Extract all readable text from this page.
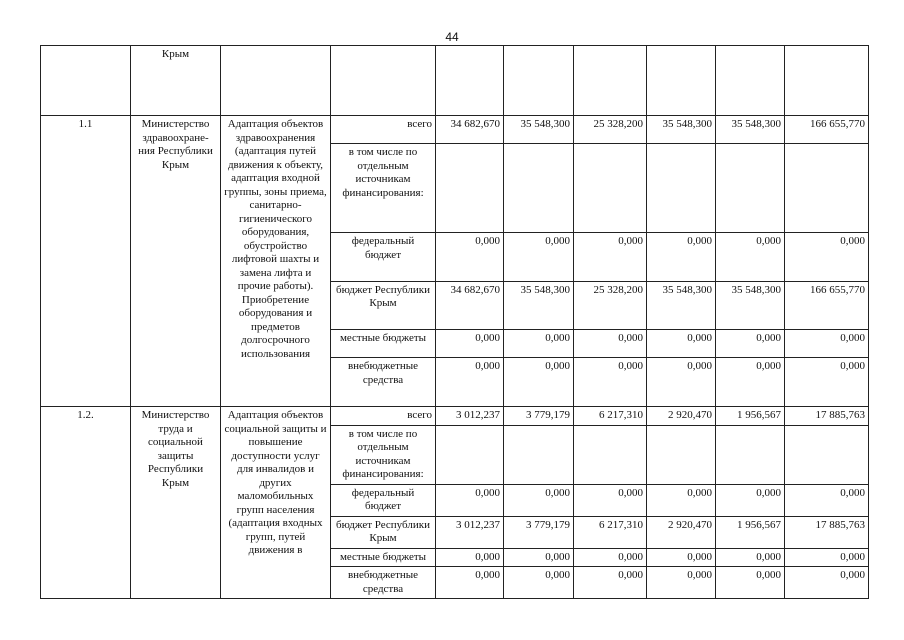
44
	Крым								
1.1	Министерство здравоохране-ния Республики Крым	Адаптация объектов здравоохранения (адаптация путей движения к объекту, адаптация входной группы, зоны приема, санитарно-гигиенического оборудования, обустройство лифтовой шахты и замена лифта и прочие работы). Приобретение оборудования и предметов долгосрочного использования	всего	34 682,670	35 548,300	25 328,200	35 548,300	35 548,300	166 655,770
			в том числе по отдельным источникам финансирования:						
			федеральный бюджет	0,000	0,000	0,000	0,000	0,000	0,000
			бюджет Республики Крым	34 682,670	35 548,300	25 328,200	35 548,300	35 548,300	166 655,770
			местные бюджеты	0,000	0,000	0,000	0,000	0,000	0,000
			внебюджетные средства	0,000	0,000	0,000	0,000	0,000	0,000
1.2.	Министерство труда и социальной защиты Республики Крым	Адаптация объектов социальной защиты и повышение доступности услуг для инвалидов и других маломобильных групп населения (адаптация входных групп, путей движения в	всего	3 012,237	3 779,179	6 217,310	2 920,470	1 956,567	17 885,763
			в том числе по отдельным источникам финансирования:						
			федеральный бюджет	0,000	0,000	0,000	0,000	0,000	0,000
			бюджет Республики Крым	3 012,237	3 779,179	6 217,310	2 920,470	1 956,567	17 885,763
			местные бюджеты	0,000	0,000	0,000	0,000	0,000	0,000
			внебюджетные средства	0,000	0,000	0,000	0,000	0,000	0,000
